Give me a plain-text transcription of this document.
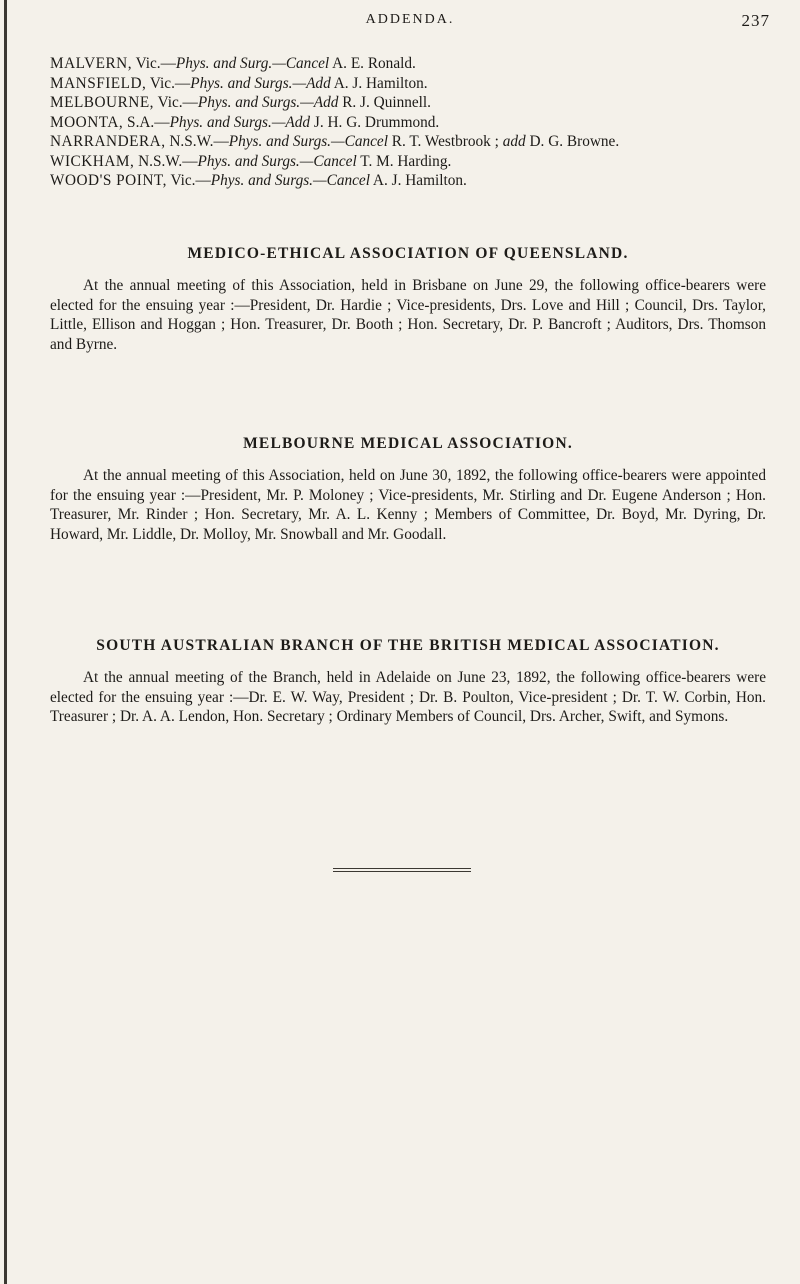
ADDENDA.	237

MALVERN, Vic.—Phys. and Surg.—Cancel A. E. Ronald.

MANSFIELD, Vic.—Phys. and Surgs.—Add A. J. Hamilton.

MELBOURNE, Vic.—Phys. and Surgs.—Add R. J. Quinnell.

MOONTA, S.A.—Phys. and Surgs.—Add J. H. G. Drummond.

NARRANDERA, N.S.W.—Phys. and Surgs.—Cancel R. T. Westbrook ; add D. G. Browne.

WICKHAM, N.S.W.—Phys. and Surgs.—Cancel T. M. Harding.

WOOD'S POINT, Vic.—Phys. and Surgs.—Cancel A. J. Hamilton.

MEDICO-ETHICAL ASSOCIATION OF QUEENSLAND.

At the annual meeting of this Association, held in Brisbane on June 29, the following office-bearers were elected for the ensuing year :—President, Dr. Hardie ; Vice-presidents, Drs. Love and Hill ; Council, Drs. Taylor, Little, Ellison and Hoggan ; Hon. Treasurer, Dr. Booth ; Hon. Secretary, Dr. P. Bancroft ; Auditors, Drs. Thomson and Byrne.

MELBOURNE MEDICAL ASSOCIATION.

At the annual meeting of this Association, held on June 30, 1892, the following office-bearers were appointed for the ensuing year :—President, Mr. P. Moloney ; Vice-presidents, Mr. Stirling and Dr. Eugene Anderson ; Hon. Treasurer, Mr. Rinder ; Hon. Secretary, Mr. A. L. Kenny ; Members of Committee, Dr. Boyd, Mr. Dyring, Dr. Howard, Mr. Liddle, Dr. Molloy, Mr. Snowball and Mr. Goodall.

SOUTH AUSTRALIAN BRANCH OF THE BRITISH MEDICAL ASSOCIATION.

At the annual meeting of the Branch, held in Adelaide on June 23, 1892, the following office-bearers were elected for the ensuing year :—Dr. E. W. Way, President ; Dr. B. Poulton, Vice-president ; Dr. T. W. Corbin, Hon. Treasurer ; Dr. A. A. Lendon, Hon. Secretary ; Ordinary Members of Council, Drs. Archer, Swift, and Symons.
